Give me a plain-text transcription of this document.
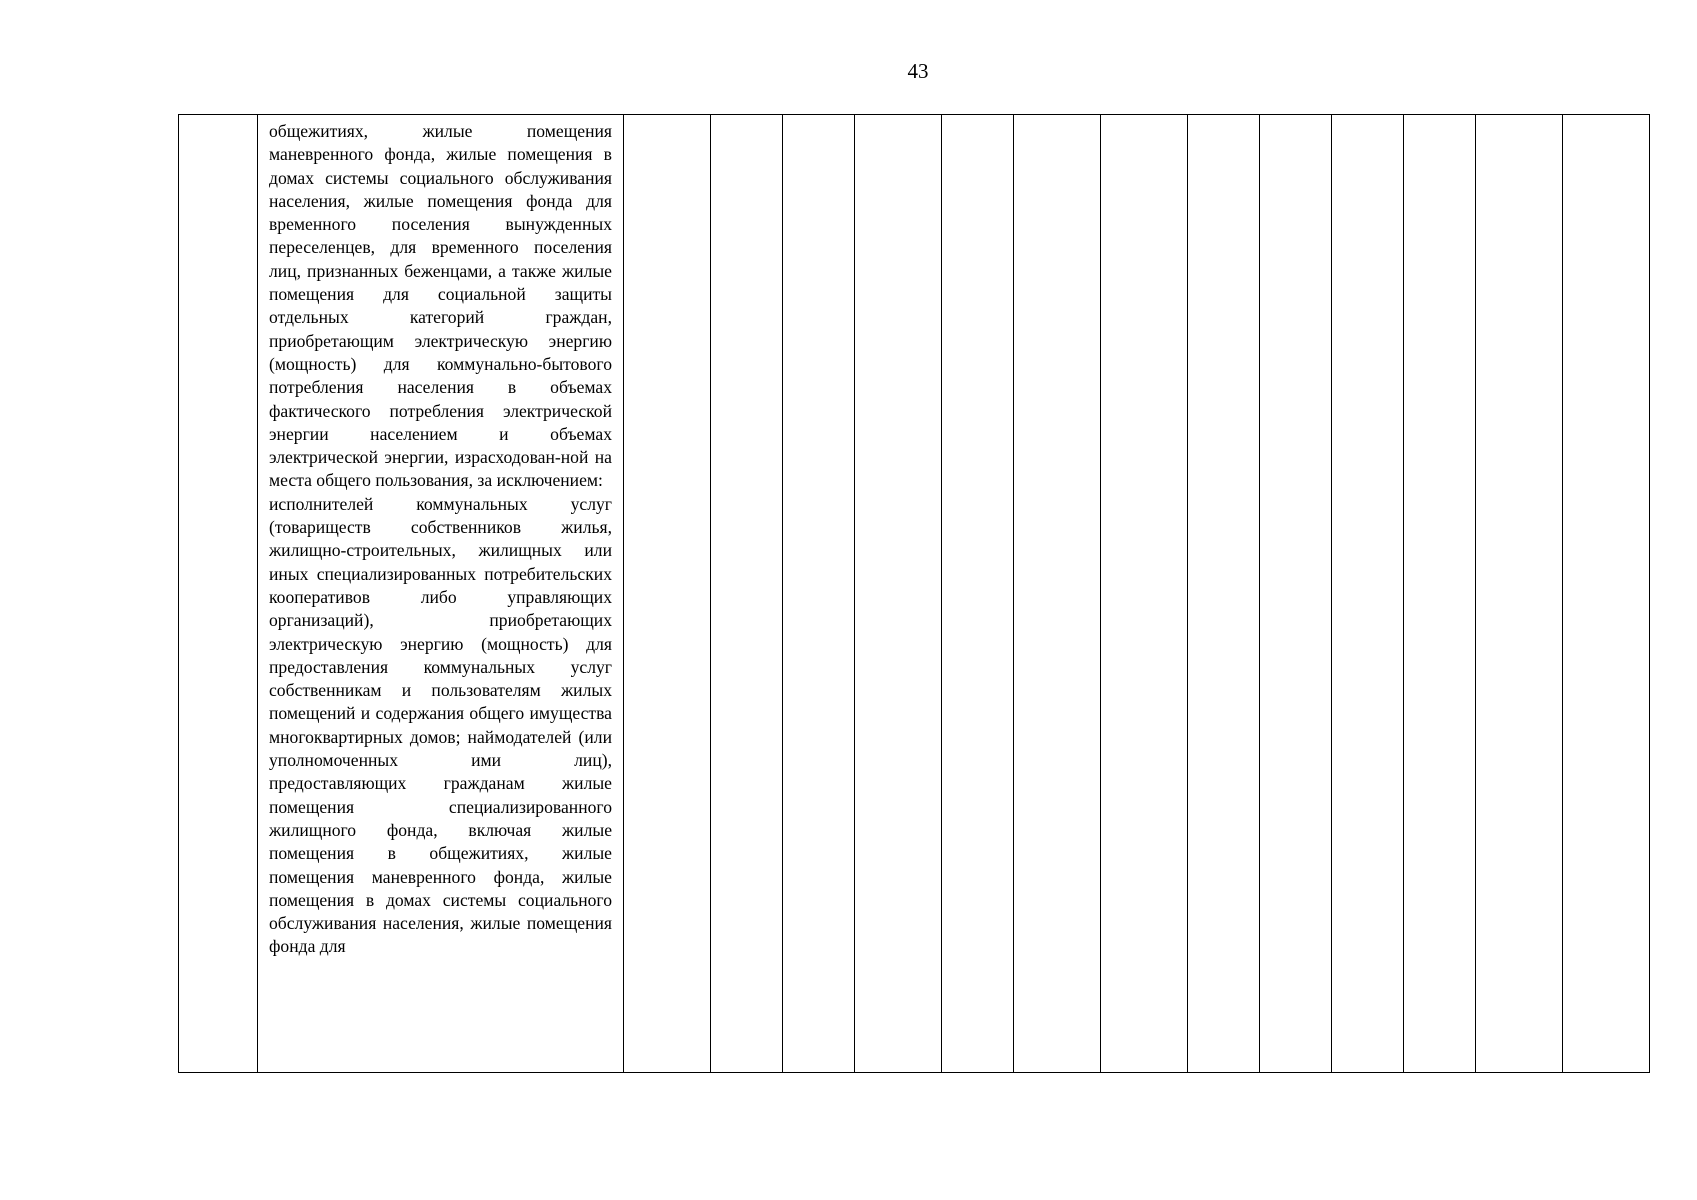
43

общежитиях, жилые помещения маневренного фонда, жилые помещения в домах системы социального обслуживания населения, жилые помещения фонда для временного поселения вынужденных переселенцев, для временного поселения лиц, признанных беженцами, а также жилые помещения для социальной защиты отдельных категорий граждан, приобретающим электрическую энергию (мощность) для коммунально-бытового потребления населения в объемах фактического потребления электрической энергии населением и объемах электрической энергии, израсходован-ной на места общего пользования, за исключением:
исполнителей коммунальных услуг (товариществ собственников жилья, жилищно-строительных, жилищных или иных специализированных потребительских кооперативов либо управляющих организаций), приобретающих электрическую энергию (мощность) для предоставления коммунальных услуг собственникам и пользователям жилых помещений и содержания общего имущества многоквартирных домов; наймодателей (или уполномоченных ими лиц), предоставляющих гражданам жилые помещения специализированного жилищного фонда, включая жилые помещения в общежитиях, жилые помещения маневренного фонда, жилые помещения в домах системы социального обслуживания населения, жилые помещения фонда для
